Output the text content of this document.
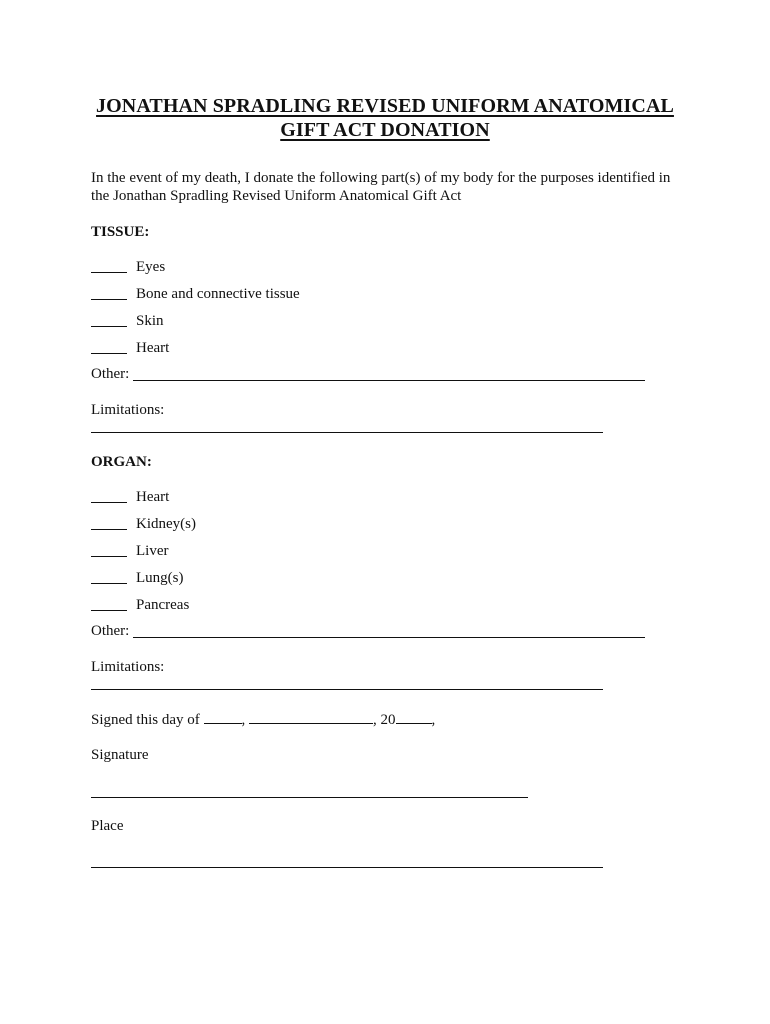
JONATHAN SPRADLING REVISED UNIFORM ANATOMICAL
GIFT ACT DONATION

In the event of my death, I donate the following part(s) of my body for the purposes identified in

the Jonathan Spradling Revised Uniform Anatomical Gift Act

TISSUE:
Eyes
Bone and connective tissue
Skin
Heart
Other:
Limitations:
ORGAN:
Heart
Kidney(s)
Liver
Lung(s)
Pancreas
Other:
Limitations:
Signed this day of	,	, 20 ,
Signature
Place
